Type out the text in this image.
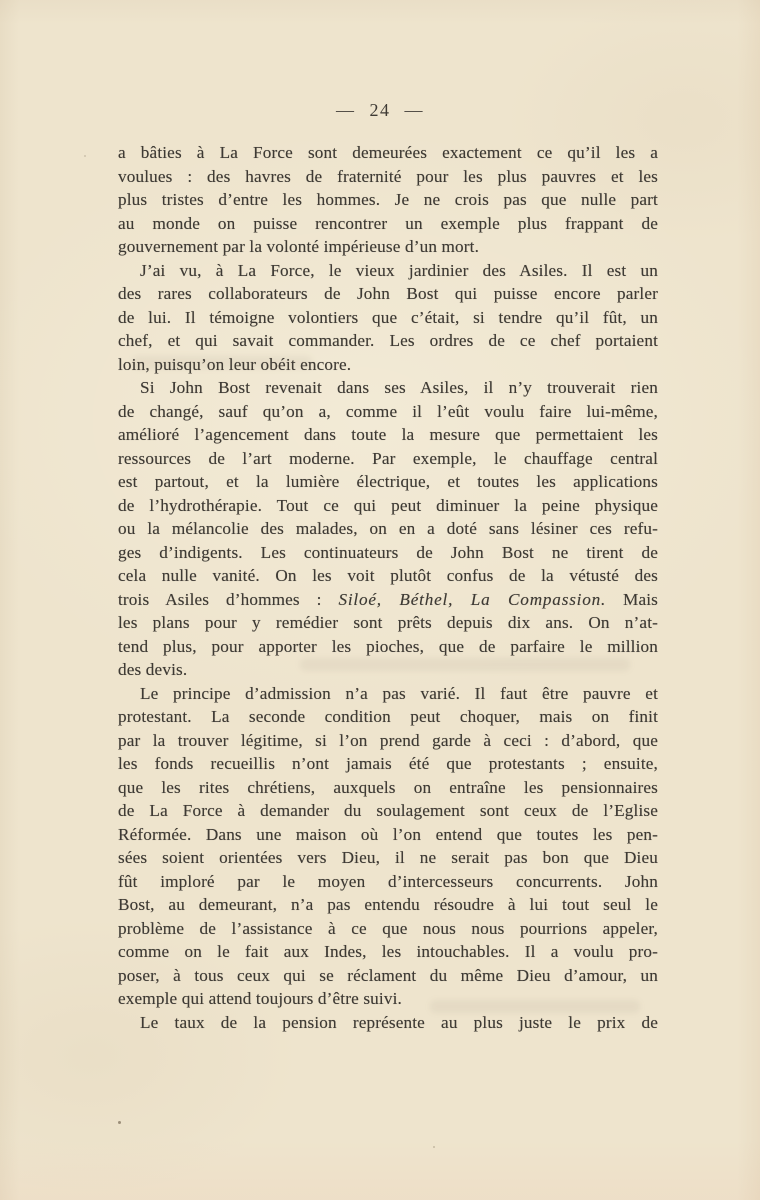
— 24 —
a bâties à La Force sont demeurées exactement ce qu’il les a
voulues : des havres de fraternité pour les plus pauvres et les
plus tristes d’entre les hommes. Je ne crois pas que nulle part
au monde on puisse rencontrer un exemple plus frappant de
gouvernement par la volonté impérieuse d’un mort.
J’ai vu, à La Force, le vieux jardinier des Asiles. Il est un
des rares collaborateurs de John Bost qui puisse encore parler
de lui. Il témoigne volontiers que c’était, si tendre qu’il fût, un
chef, et qui savait commander. Les ordres de ce chef portaient
loin, puisqu’on leur obéit encore.
Si John Bost revenait dans ses Asiles, il n’y trouverait rien
de changé, sauf qu’on a, comme il l’eût voulu faire lui-même,
amélioré l’agencement dans toute la mesure que permettaient les
ressources de l’art moderne. Par exemple, le chauffage central
est partout, et la lumière électrique, et toutes les applications
de l’hydrothérapie. Tout ce qui peut diminuer la peine physique
ou la mélancolie des malades, on en a doté sans lésiner ces refu-
ges d’indigents. Les continuateurs de John Bost ne tirent de
cela nulle vanité. On les voit plutôt confus de la vétusté des
trois Asiles d’hommes : Siloé, Béthel, La Compassion. Mais
les plans pour y remédier sont prêts depuis dix ans. On n’at-
tend plus, pour apporter les pioches, que de parfaire le million
des devis.
Le principe d’admission n’a pas varié. Il faut être pauvre et
protestant. La seconde condition peut choquer, mais on finit
par la trouver légitime, si l’on prend garde à ceci : d’abord, que
les fonds recueillis n’ont jamais été que protestants ; ensuite,
que les rites chrétiens, auxquels on entraîne les pensionnaires
de La Force à demander du soulagement sont ceux de l’Eglise
Réformée. Dans une maison où l’on entend que toutes les pen-
sées soient orientées vers Dieu, il ne serait pas bon que Dieu
fût imploré par le moyen d’intercesseurs concurrents. John
Bost, au demeurant, n’a pas entendu résoudre à lui tout seul le
problème de l’assistance à ce que nous nous pourrions appeler,
comme on le fait aux Indes, les intouchables. Il a voulu pro-
poser, à tous ceux qui se réclament du même Dieu d’amour, un
exemple qui attend toujours d’être suivi.
Le taux de la pension représente au plus juste le prix de
